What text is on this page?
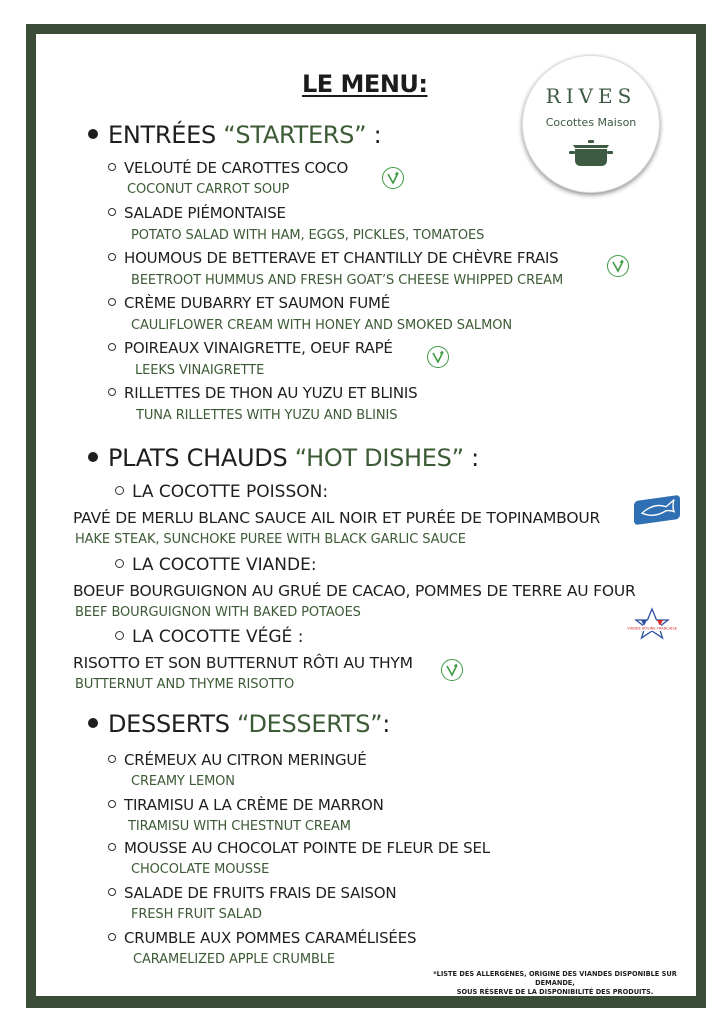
LE MENU:	RIVES
Cocottes Maison
ENTRÉES “STARTERS” :
VELOUTÉ DE CAROTTES COCO
COCONUT CARROT SOUP
SALADE PIÉMONTAISE
POTATO SALAD WITH HAM, EGGS, PICKLES, TOMATOES
HOUMOUS DE BETTERAVE ET CHANTILLY DE CHÈVRE FRAIS
BEETROOT HUMMUS AND FRESH GOAT’S CHEESE WHIPPED CREAM
CRÈME DUBARRY ET SAUMON FUMÉ
CAULIFLOWER CREAM WITH HONEY AND SMOKED SALMON
POIREAUX VINAIGRETTE, OEUF RAPÉ
LEEKS VINAIGRETTE
RILLETTES DE THON AU YUZU ET BLINIS
TUNA RILLETTES WITH YUZU AND BLINIS
PLATS CHAUDS “HOT DISHES” :
LA COCOTTE POISSON:
PAVÉ DE MERLU BLANC SAUCE AIL NOIR ET PURÉE DE TOPINAMBOUR
HAKE STEAK, SUNCHOKE PUREE WITH BLACK GARLIC SAUCE
LA COCOTTE VIANDE:
BOEUF BOURGUIGNON AU GRUÉ DE CACAO, POMMES DE TERRE AU FOUR
BEEF BOURGUIGNON WITH BAKED POTAOES
VIANDE BOVINE FRANÇAISE
LA COCOTTE VÉGÉ :
RISOTTO ET SON BUTTERNUT RÔTI AU THYM
BUTTERNUT AND THYME RISOTTO
DESSERTS “DESSERTS”:
CRÉMEUX AU CITRON MERINGUÉ
CREAMY LEMON
TIRAMISU A LA CRÈME DE MARRON
TIRAMISU WITH CHESTNUT CREAM
MOUSSE AU CHOCOLAT POINTE DE FLEUR DE SEL
CHOCOLATE MOUSSE
SALADE DE FRUITS FRAIS DE SAISON
FRESH FRUIT SALAD
CRUMBLE AUX POMMES CARAMÉLISÉES
CARAMELIZED APPLE CRUMBLE
*LISTE DES ALLERGÈNES, ORIGINE DES VIANDES DISPONIBLE SUR DEMANDE,
SOUS RÉSERVE DE LA DISPONIBILITÉ DES PRODUITS.
